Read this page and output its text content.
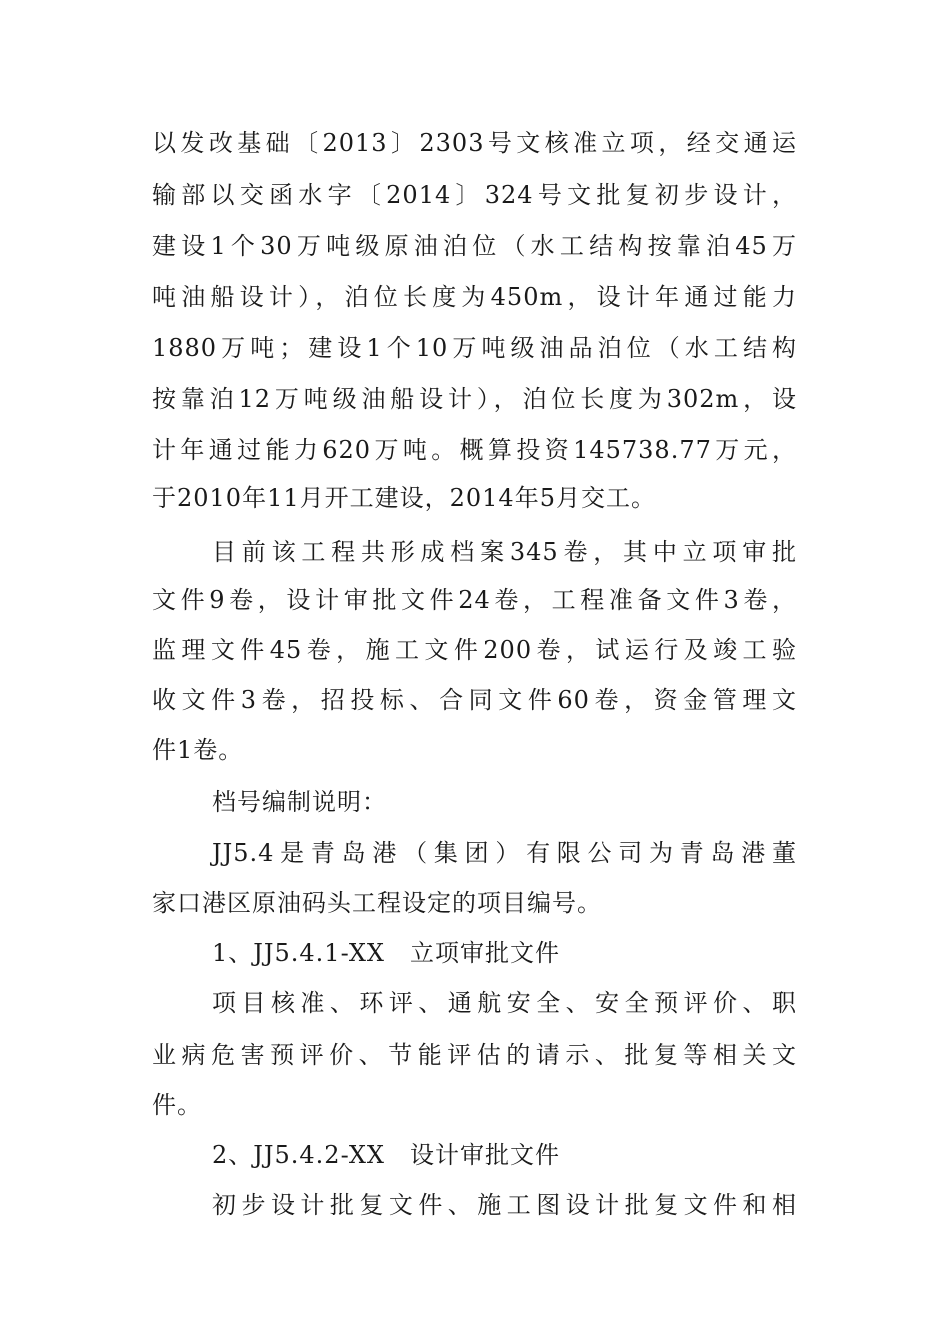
以发改基础〔2013〕2303号文核准立项，经交通运
输部以交函水字〔2014〕324号文批复初步设计，
建设1个30万吨级原油泊位（水工结构按靠泊45万
吨油船设计），泊位长度为450m，设计年通过能力
1880万吨；建设1个10万吨级油品泊位（水工结构
按靠泊12万吨级油船设计），泊位长度为302m，设
计年通过能力620万吨。概算投资145738.77万元，
于2010年11月开工建设，2014年5月交工。
目前该工程共形成档案345卷，其中立项审批
文件9卷，设计审批文件24卷，工程准备文件3卷，
监理文件45卷，施工文件200卷，试运行及竣工验
收文件3卷，招投标、合同文件60卷，资金管理文
件1卷。
档号编制说明：
JJ5.4是青岛港（集团）有限公司为青岛港董
家口港区原油码头工程设定的项目编号。
1、JJ5.4.1-XX　立项审批文件
项目核准、环评、通航安全、安全预评价、职
业病危害预评价、节能评估的请示、批复等相关文
件。
2、JJ5.4.2-XX　设计审批文件
初步设计批复文件、施工图设计批复文件和相
